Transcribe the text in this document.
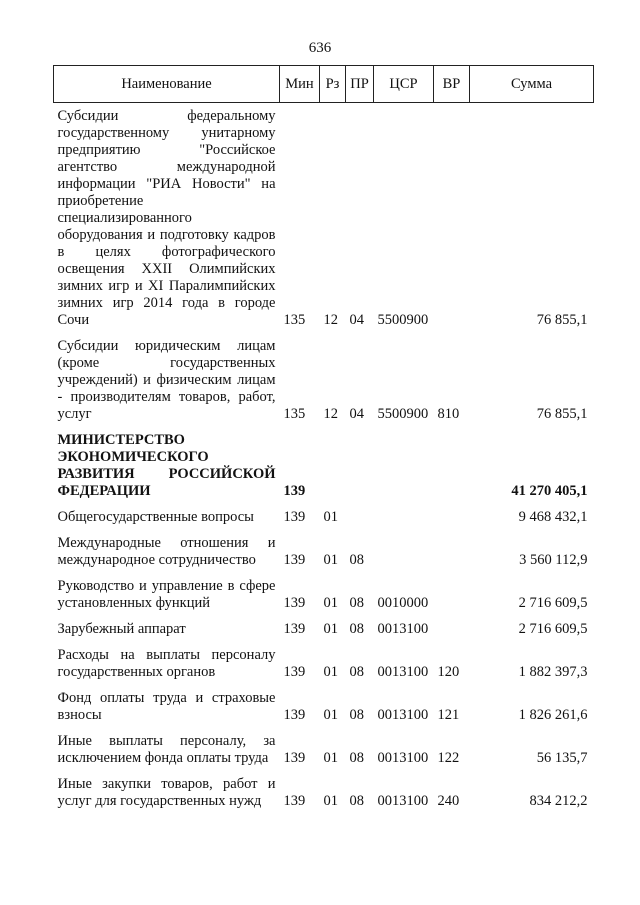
636
Наименование	Мин	Рз	ПР	ЦСР	ВР	Сумма
Субсидии федеральному государственному унитарному предприятию "Российское агентство международной информации "РИА Новости" на приобретение специализированного оборудования и подготовку кадров в целях фотографического освещения XXII Олимпийских зимних игр и XI Паралимпийских зимних игр 2014 года в городе Сочи	135	12	04	5500900		76 855,1
Субсидии юридическим лицам (кроме государственных учреждений) и физическим лицам - производителям товаров, работ, услуг	135	12	04	5500900	810	76 855,1
МИНИСТЕРСТВО ЭКОНОМИЧЕСКОГО РАЗВИТИЯ РОССИЙСКОЙ ФЕДЕРАЦИИ	139					41 270 405,1
Общегосударственные вопросы	139	01				9 468 432,1
Международные отношения и международное сотрудничество	139	01	08			3 560 112,9
Руководство и управление в сфере установленных функций	139	01	08	0010000		2 716 609,5
Зарубежный аппарат	139	01	08	0013100		2 716 609,5
Расходы на выплаты персоналу государственных органов	139	01	08	0013100	120	1 882 397,3
Фонд оплаты труда и страховые взносы	139	01	08	0013100	121	1 826 261,6
Иные выплаты персоналу, за исключением фонда оплаты труда	139	01	08	0013100	122	56 135,7
Иные закупки товаров, работ и услуг для государственных нужд	139	01	08	0013100	240	834 212,2
